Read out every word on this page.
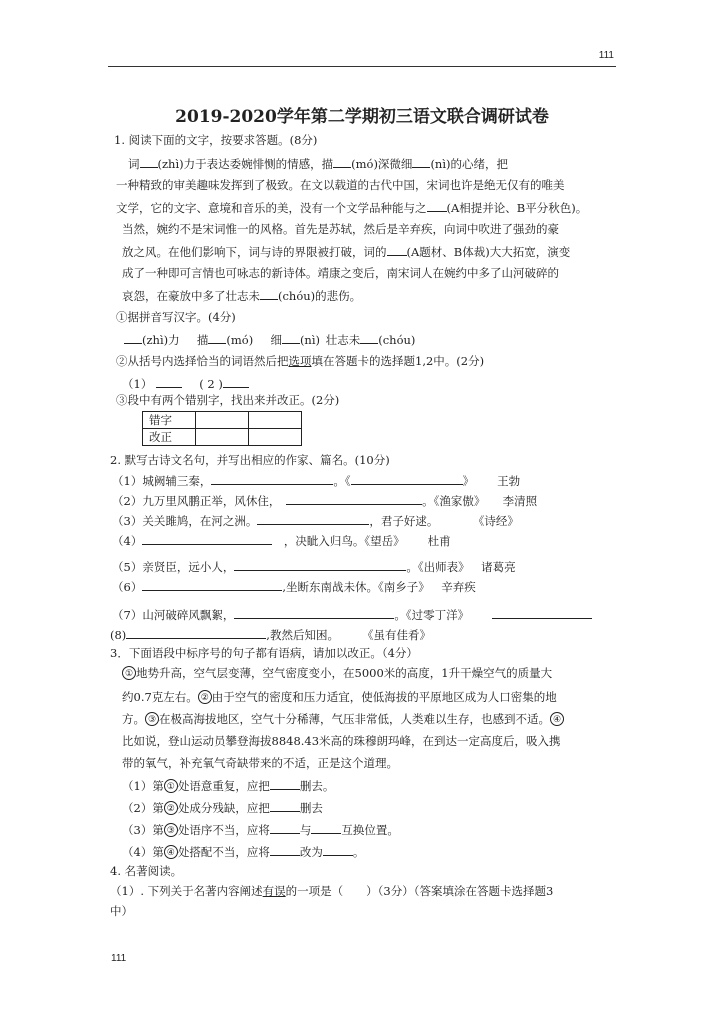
111
2019-2020学年第二学期初三语文联合调研试卷
1. 阅读下面的文字，按要求答题。(8分)
词 (zhì)力于表达委婉悱恻的情感，描 (mó)深微细 (nì)的心绪，把
一种精致的审美趣味发挥到了极致。在文以载道的古代中国，宋词也许是绝无仅有的唯美
文学，它的文字、意境和音乐的美，没有一个文学品种能与之 (A相提并论、B平分秋色)。
当然，婉约不是宋词惟一的风格。首先是苏轼，然后是辛弃疾，向词中吹进了强劲的豪
放之风。在他们影响下，词与诗的界限被打破，词的 (A题材、B体裁)大大拓宽，演变
成了一种即可言情也可咏志的新诗体。靖康之变后，南宋词人在婉约中多了山河破碎的
哀怨，在豪放中多了壮志未 (chóu)的悲伤。
①据拼音写汉字。(4分)
(zhì)力   描 (mó)   细 (nì)  壮志未 (chóu)
②从括号内选择恰当的词语然后把选项填在答题卡的选择题1,2中。(2分)
（1）   	( 2 )
③段中有两个错别字，找出来并改正。(2分)
错字		
改正		
2. 默写古诗文名句，并写出相应的作家、篇名。(10分)
（1）城阙辅三秦，	。《	》   王勃
（2）九万里风鹏正举，风休住， 	。《渔家傲》   李清照
（3）关关雎鸠，在河之洲。	，君子好逑。   	《诗经》
（4） 	，决眦入归鸟。《望岳》   杜甫
（5）亲贤臣，远小人，	。《出师表》  诸葛亮
（6）	,坐断东南战未休。《南乡子》  辛弃疾
（7）山河破碎风飘絮，	。《过零丁洋》  
(8)	,教然后知困。   《虽有佳肴》
3．下面语段中标序号的句子都有语病，请加以改正。（4分）
① 地势升高，空气层变薄，空气密度变小，在5000米的高度，1升干燥空气的质量大
约0.7克左右。 ② 由于空气的密度和压力适宜，使低海拔的平原地区成为人口密集的地
方。 ③ 在极高海拔地区，空气十分稀薄，气压非常低，人类难以生存，也感到不适。 ④
比如说，登山运动员攀登海拔8848.43米高的珠穆朗玛峰，在到达一定高度后，吸入携
带的氧气，补充氧气奇缺带来的不适，正是这个道理。
（1）第 ① 处语意重复，应把	删去。
（2）第 ② 处成分残缺，应把	删去
（3）第 ③ 处语序不当，应将	与	互换位置。
（4）第 ④ 处搭配不当，应将	改为	。
4. 名著阅读。
（1）. 下列关于名著内容阐述有误的一项是（　　）（3分）（答案填涂在答题卡选择题3
中）
111
